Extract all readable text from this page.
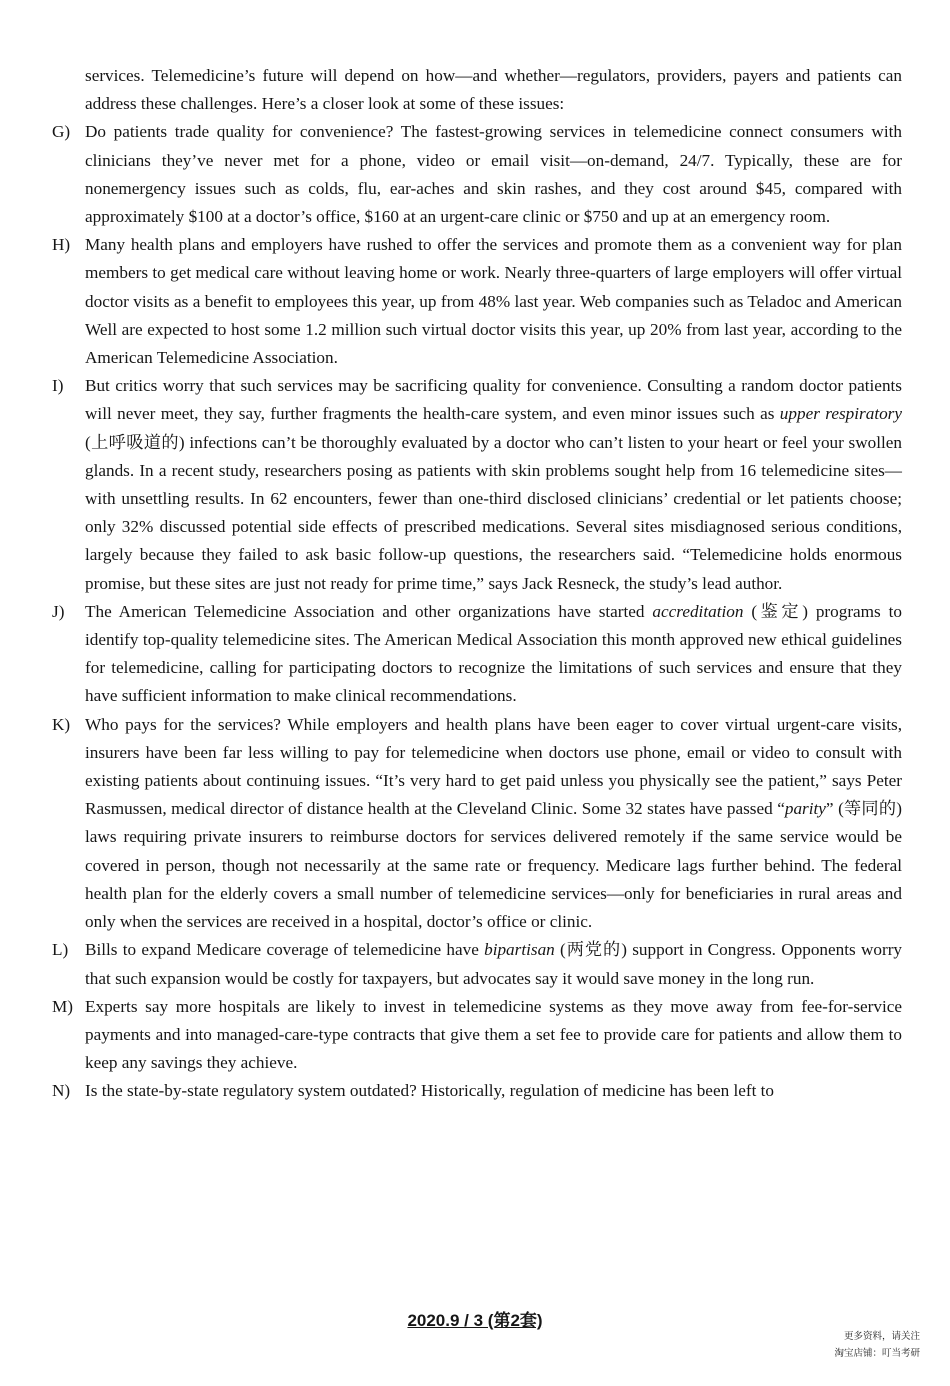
services. Telemedicine’s future will depend on how—and whether—regulators, providers, payers and patients can address these challenges. Here’s a closer look at some of these issues:

G) Do patients trade quality for convenience? The fastest-growing services in telemedicine connect consumers with clinicians they’ve never met for a phone, video or email visit—on-demand, 24/7. Typically, these are for nonemergency issues such as colds, flu, ear-aches and skin rashes, and they cost around $45, compared with approximately $100 at a doctor’s office, $160 at an urgent-care clinic or $750 and up at an emergency room.

H) Many health plans and employers have rushed to offer the services and promote them as a convenient way for plan members to get medical care without leaving home or work. Nearly three-quarters of large employers will offer virtual doctor visits as a benefit to employees this year, up from 48% last year. Web companies such as Teladoc and American Well are expected to host some 1.2 million such virtual doctor visits this year, up 20% from last year, according to the American Telemedicine Association.

I)	But critics worry that such services may be sacrificing quality for convenience. Consulting a random doctor patients will never meet, they say, further fragments the health-care system, and even minor issues such as upper respiratory (上呼吸道的) infections can’t be thoroughly evaluated by a doctor who can’t listen to your heart or feel your swollen glands. In a recent study, researchers posing as patients with skin problems sought help from 16 telemedicine sites—with unsettling results. In 62 encounters, fewer than one-third disclosed clinicians’ credential or let patients choose; only 32% discussed potential side effects of prescribed medications. Several sites misdiagnosed serious conditions, largely because they failed to ask basic follow-up questions, the researchers said. “Telemedicine holds enormous promise, but these sites are just not ready for prime time,” says Jack Resneck, the study’s lead author.

J)	The American Telemedicine Association and other organizations have started accreditation (鉴定) programs to identify top-quality telemedicine sites. The American Medical Association this month approved new ethical guidelines for telemedicine, calling for participating doctors to recognize the limitations of such services and ensure that they have sufficient information to make clinical recommendations.

K) Who pays for the services? While employers and health plans have been eager to cover virtual urgent-care visits, insurers have been far less willing to pay for telemedicine when doctors use phone, email or video to consult with existing patients about continuing issues. “It’s very hard to get paid unless you physically see the patient,” says Peter Rasmussen, medical director of distance health at the Cleveland Clinic. Some 32 states have passed “parity” (等同的) laws requiring private insurers to reimburse doctors for services delivered remotely if the same service would be covered in person, though not necessarily at the same rate or frequency. Medicare lags further behind. The federal health plan for the elderly covers a small number of telemedicine services—only for beneficiaries in rural areas and only when the services are received in a hospital, doctor’s office or clinic.

L) Bills to expand Medicare coverage of telemedicine have bipartisan (两党的) support in Congress. Opponents worry that such expansion would be costly for taxpayers, but advocates say it would save money in the long run.

M) Experts say more hospitals are likely to invest in telemedicine systems as they move away from fee-for-service payments and into managed-care-type contracts that give them a set fee to provide care for patients and allow them to keep any savings they achieve.

N) Is the state-by-state regulatory system outdated? Historically, regulation of medicine has been left to

2020.9 / 3 (第2套)
更多资料，请关注
淘宝店铺：叮当考研
